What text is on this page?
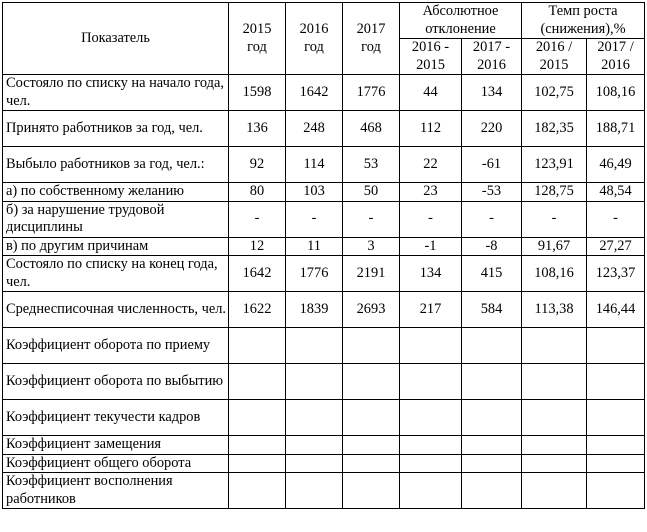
Показатель	2015 год	2016 год	2017 год	Абсолютное отклонение		Темп роста (снижения),%	
				2016 - 2015	2017 - 2016	2016 / 2015	2017 / 2016
Состояло по списку на начало года, чел.	1598	1642	1776	44	134	102,75	108,16
Принято работников за год, чел.	136	248	468	112	220	182,35	188,71
Выбыло работников за год, чел.:	92	114	53	22	-61	123,91	46,49
а) по собственному желанию	80	103	50	23	-53	128,75	48,54
б) за нарушение трудовой дисциплины	-	-	-	-	-	-	-
в) по другим причинам	12	11	3	-1	-8	91,67	27,27
Состояло по списку на конец года, чел.	1642	1776	2191	134	415	108,16	123,37
Среднесписочная численность, чел.	1622	1839	2693	217	584	113,38	146,44
Коэффициент оборота по приему							
Коэффициент оборота по выбытию							
Коэффициент текучести кадров							
Коэффициент замещения							
Коэффициент общего оборота							
Коэффициент восполнения работников							
